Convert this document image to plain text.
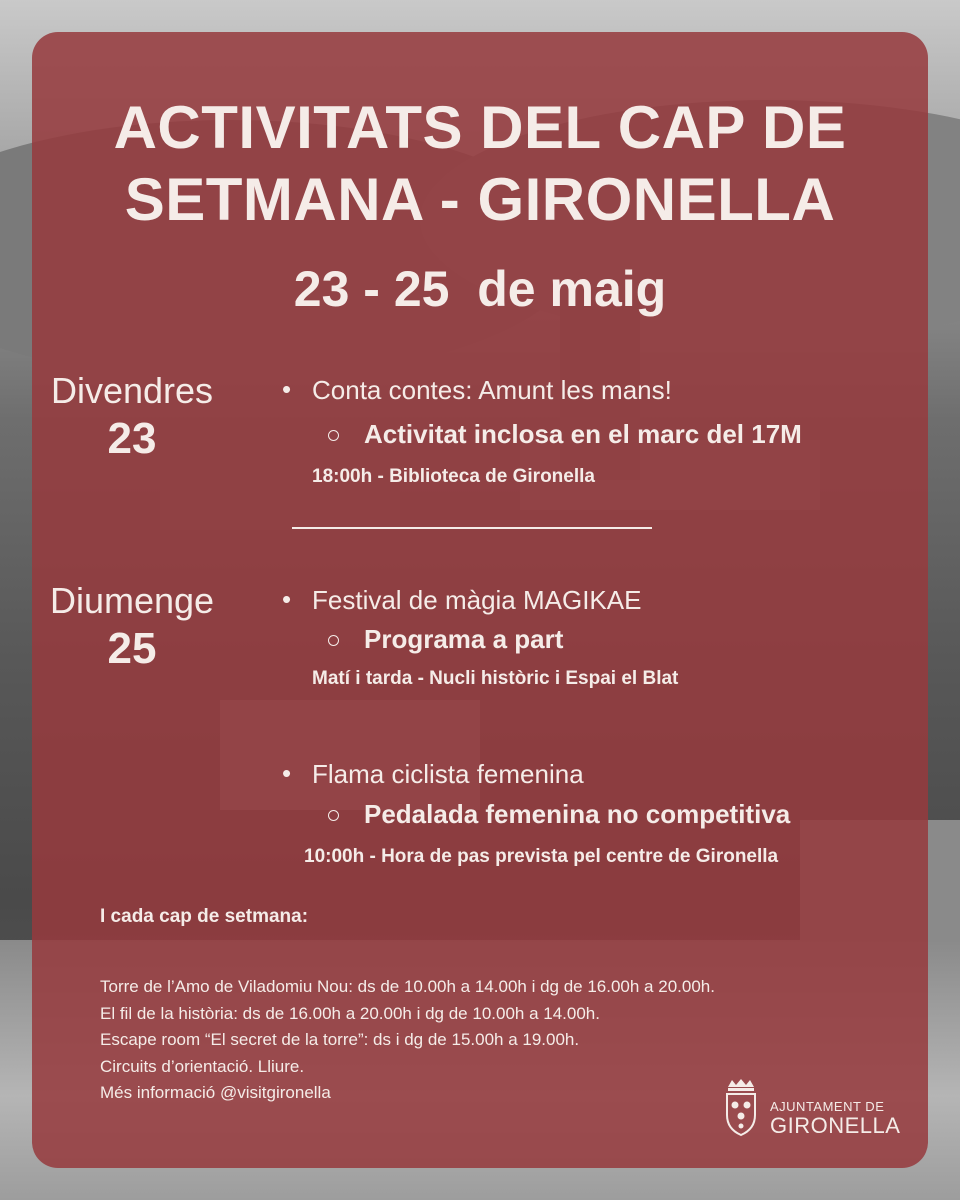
ACTIVITATS DEL CAP DE
SETMANA - GIRONELLA
23 - 25  de maig
Divendres
23
• Conta contes: Amunt les mans!
Activitat inclosa en el marc del 17M
18:00h - Biblioteca de Gironella
Diumenge
25
• Festival de màgia MAGIKAE
Programa a part
Matí i tarda - Nucli històric i Espai el Blat
• Flama ciclista femenina
Pedalada femenina no competitiva
10:00h - Hora de pas prevista pel centre de Gironella
I cada cap de setmana:
Torre de l’Amo de Viladomiu Nou: ds de 10.00h a 14.00h i dg de 16.00h a 20.00h.
El fil de la història: ds de 16.00h a 20.00h i dg de 10.00h a 14.00h.
Escape room “El secret de la torre”: ds i dg de 15.00h a 19.00h.
Circuits d’orientació. Lliure.
Més informació @visitgironella
AJUNTAMENT DE
GIRONELLA
